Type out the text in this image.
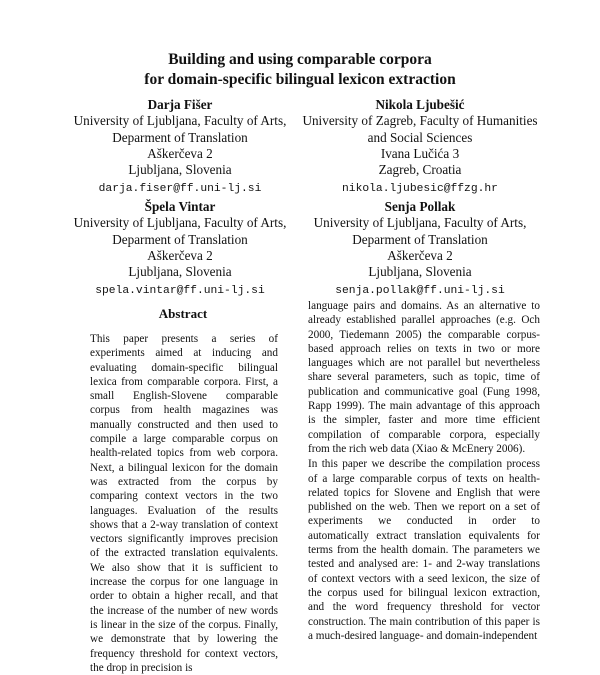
Building and using comparable corpora
for domain-specific bilingual lexicon extraction
Darja Fišer
University of Ljubljana, Faculty of Arts,
Deparment of Translation
Aškerčeva 2
Ljubljana, Slovenia
darja.fiser@ff.uni-lj.si
Nikola Ljubešić
University of Zagreb, Faculty of Humanities
and Social Sciences
Ivana Lučića 3
Zagreb, Croatia
nikola.ljubesic@ffzg.hr
Špela Vintar
University of Ljubljana, Faculty of Arts,
Deparment of Translation
Aškerčeva 2
Ljubljana, Slovenia
spela.vintar@ff.uni-lj.si
Senja Pollak
University of Ljubljana, Faculty of Arts,
Deparment of Translation
Aškerčeva 2
Ljubljana, Slovenia
senja.pollak@ff.uni-lj.si
Abstract

This paper presents a series of experiments aimed at inducing and evaluating domain-specific bilingual lexica from comparable corpora. First, a small English-Slovene comparable corpus from health magazines was manually constructed and then used to compile a large comparable corpus on health-related topics from web corpora. Next, a bilingual lexicon for the domain was extracted from the corpus by comparing context vectors in the two languages. Evaluation of the results shows that a 2-way translation of context vectors significantly improves precision of the extracted translation equivalents. We also show that it is sufficient to increase the corpus for one language in order to obtain a higher recall, and that the increase of the number of new words is linear in the size of the corpus. Finally, we demonstrate that by lowering the frequency threshold for context vectors, the drop in precision is

language pairs and domains. As an alternative to already established parallel approaches (e.g. Och 2000, Tiedemann 2005) the comparable corpus-based approach relies on texts in two or more languages which are not parallel but nevertheless share several parameters, such as topic, time of publication and communicative goal (Fung 1998, Rapp 1999). The main advantage of this approach is the simpler, faster and more time efficient compilation of comparable corpora, especially from the rich web data (Xiao & McEnery 2006).

In this paper we describe the compilation process of a large comparable corpus of texts on health-related topics for Slovene and English that were published on the web. Then we report on a set of experiments we conducted in order to automatically extract translation equivalents for terms from the health domain. The parameters we tested and analysed are: 1- and 2-way translations of context vectors with a seed lexicon, the size of the corpus used for bilingual lexicon extraction, and the word frequency threshold for vector construction. The main contribution of this paper is a much-desired language- and domain-independent
